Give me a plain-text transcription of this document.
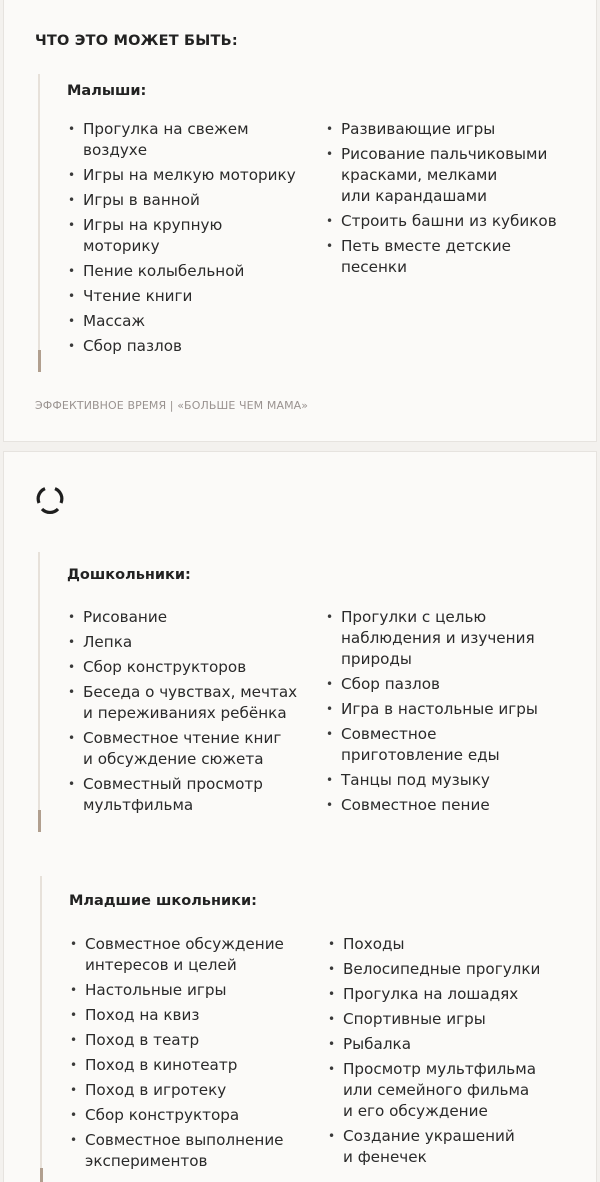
ЧТО ЭТО МОЖЕТ БЫТЬ:
Малыши:
• Прогулка на свежем
воздухе
• Игры на мелкую моторику
• Игры в ванной
• Игры на крупную
моторику
• Пение колыбельной
• Чтение книги
• Массаж
• Сбор пазлов
• Развивающие игры
• Рисование пальчиковыми
красками, мелками
или карандашами
• Строить башни из кубиков
• Петь вместе детские
песенки
ЭФФЕКТИВНОЕ ВРЕМЯ | «БОЛЬШЕ ЧЕМ МАМА»
Дошкольники:
• Рисование
• Лепка
• Сбор конструкторов
• Беседа о чувствах, мечтах
и переживаниях ребёнка
• Совместное чтение книг
и обсуждение сюжета
• Совместный просмотр
мультфильма
• Прогулки с целью
наблюдения и изучения
природы
• Сбор пазлов
• Игра в настольные игры
• Совместное
приготовление еды
• Танцы под музыку
• Совместное пение
Младшие школьники:
• Совместное обсуждение
интересов и целей
• Настольные игры
• Поход на квиз
• Поход в театр
• Поход в кинотеатр
• Поход в игротеку
• Сбор конструктора
• Совместное выполнение
экспериментов
• Походы
• Велосипедные прогулки
• Прогулка на лошадях
• Спортивные игры
• Рыбалка
• Просмотр мультфильма
или семейного фильма
и его обсуждение
• Создание украшений
и фенечек
